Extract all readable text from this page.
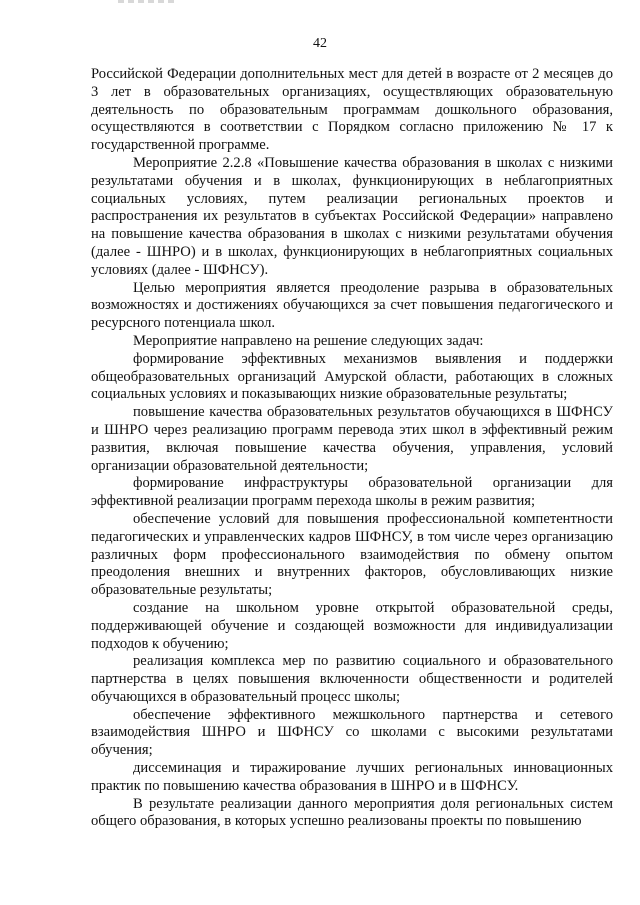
42

Российской Федерации дополнительных мест для детей в возрасте от 2 месяцев до 3 лет в образовательных организациях, осуществляющих образовательную деятельность по образовательным программам дошкольного образования, осуществляются в соответствии с Порядком согласно приложению № 17 к государственной программе.

Мероприятие 2.2.8 «Повышение качества образования в школах с низкими результатами обучения и в школах, функционирующих в неблагоприятных социальных условиях, путем реализации региональных проектов и распространения их результатов в субъектах Российской Федерации» направлено на повышение качества образования в школах с низкими результатами обучения (далее - ШНРО) и в школах, функционирующих в неблагоприятных социальных условиях (далее - ШФНСУ).

Целью мероприятия является преодоление разрыва в образовательных возможностях и достижениях обучающихся за счет повышения педагогического и ресурсного потенциала школ.

Мероприятие направлено на решение следующих задач:

формирование эффективных механизмов выявления и поддержки общеобразовательных организаций Амурской области, работающих в сложных социальных условиях и показывающих низкие образовательные результаты;

повышение качества образовательных результатов обучающихся в ШФНСУ и ШНРО через реализацию программ перевода этих школ в эффективный режим развития, включая повышение качества обучения, управления, условий организации образовательной деятельности;

формирование инфраструктуры образовательной организации для эффективной реализации программ перехода школы в режим развития;

обеспечение условий для повышения профессиональной компетентности педагогических и управленческих кадров ШФНСУ, в том числе через организацию различных форм профессионального взаимодействия по обмену опытом преодоления внешних и внутренних факторов, обусловливающих низкие образовательные результаты;

создание на школьном уровне открытой образовательной среды, поддерживающей обучение и создающей возможности для индивидуализации подходов к обучению;

реализация комплекса мер по развитию социального и образовательного партнерства в целях повышения включенности общественности и родителей обучающихся в образовательный процесс школы;

обеспечение эффективного межшкольного партнерства и сетевого взаимодействия ШНРО и ШФНСУ со школами с высокими результатами обучения;

диссеминация и тиражирование лучших региональных инновационных практик по повышению качества образования в ШНРО и в ШФНСУ.

В результате реализации данного мероприятия доля региональных систем общего образования, в которых успешно реализованы проекты по повышению
